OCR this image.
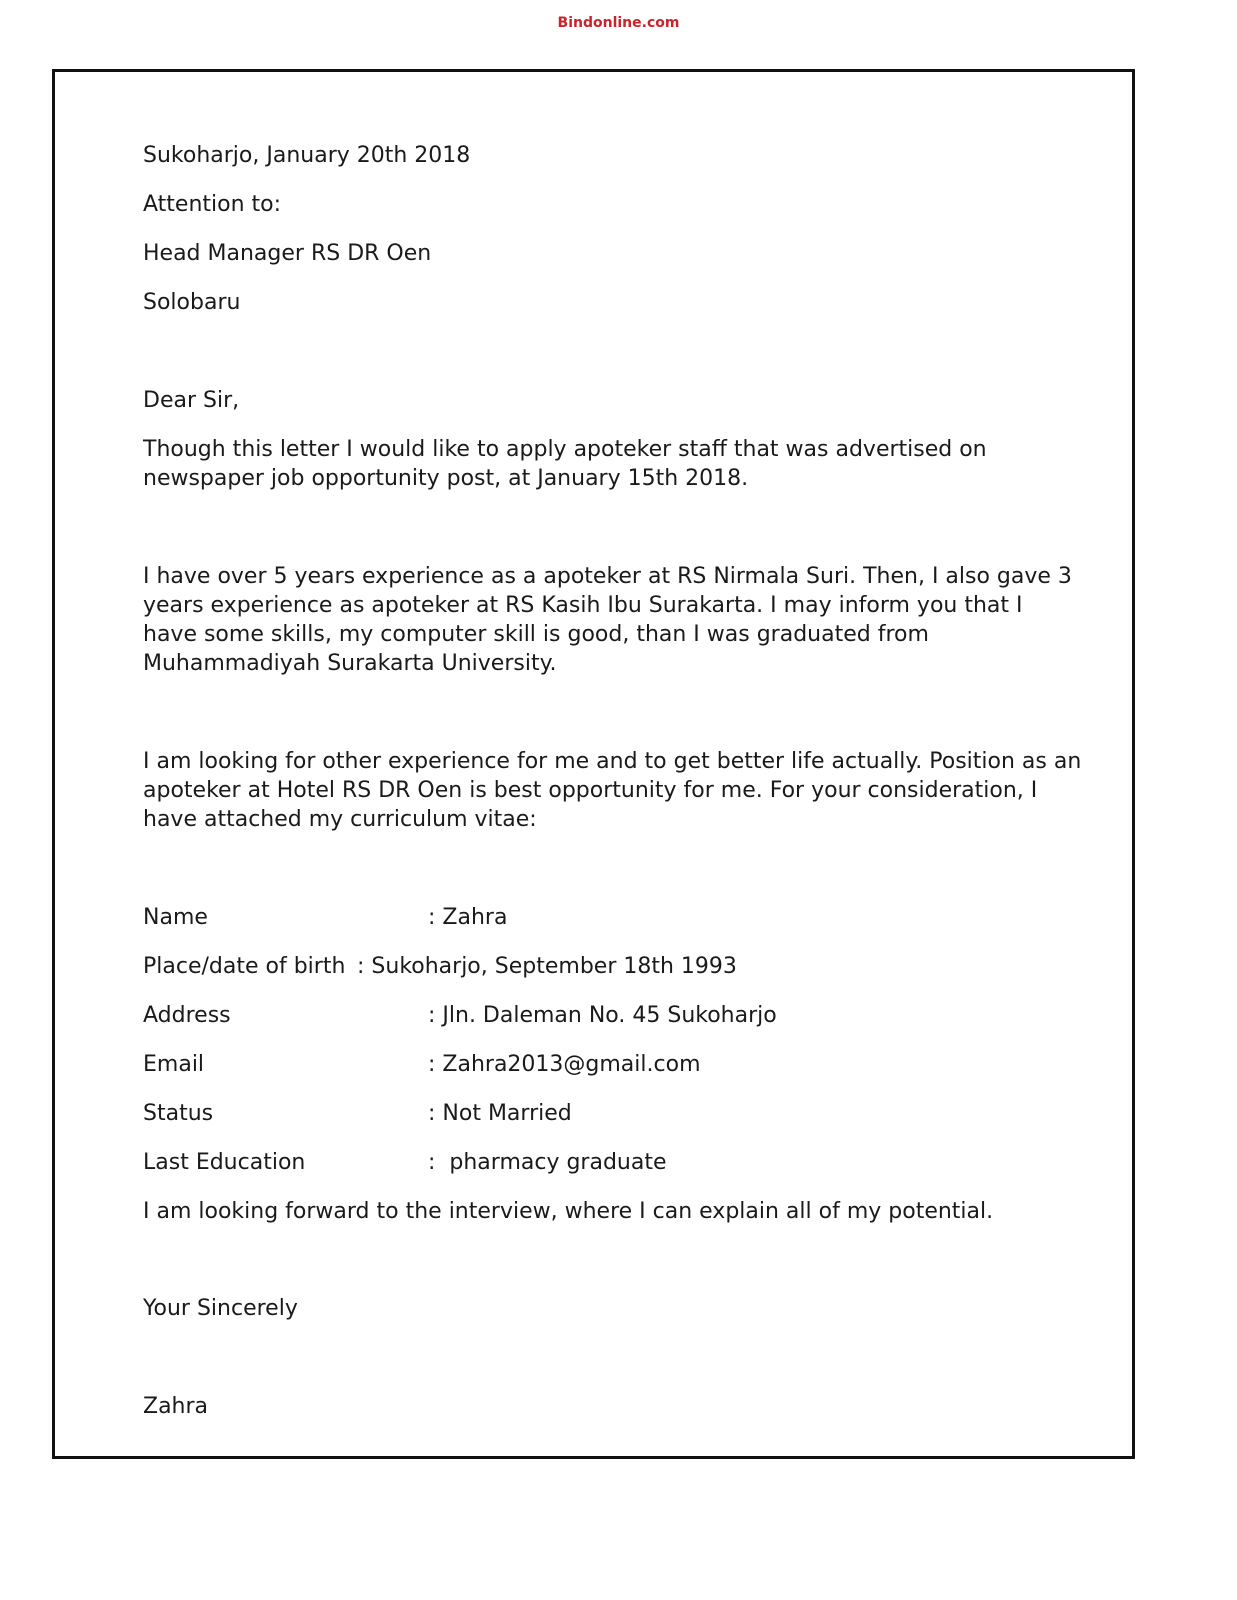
Bindonline.com
Sukoharjo, January 20th 2018
Attention to:
Head Manager RS DR Oen
Solobaru
Dear Sir,
Though this letter I would like to apply apoteker staff that was advertised on newspaper job opportunity post, at January 15th 2018.
I have over 5 years experience as a apoteker at RS Nirmala Suri. Then, I also gave 3 years experience as apoteker at RS Kasih Ibu Surakarta. I may inform you that I have some skills, my computer skill is good, than I was graduated from Muhammadiyah Surakarta University.
I am looking for other experience for me and to get better life actually. Position as an apoteker at Hotel RS DR Oen is best opportunity for me. For your consideration, I have attached my curriculum vitae:
Name	: Zahra
Place/date of birth : Sukoharjo, September 18th 1993
Address	: Jln. Daleman No. 45 Sukoharjo
Email	: Zahra2013@gmail.com
Status	: Not Married
Last Education	:  pharmacy graduate
I am looking forward to the interview, where I can explain all of my potential.
Your Sincerely
Zahra
